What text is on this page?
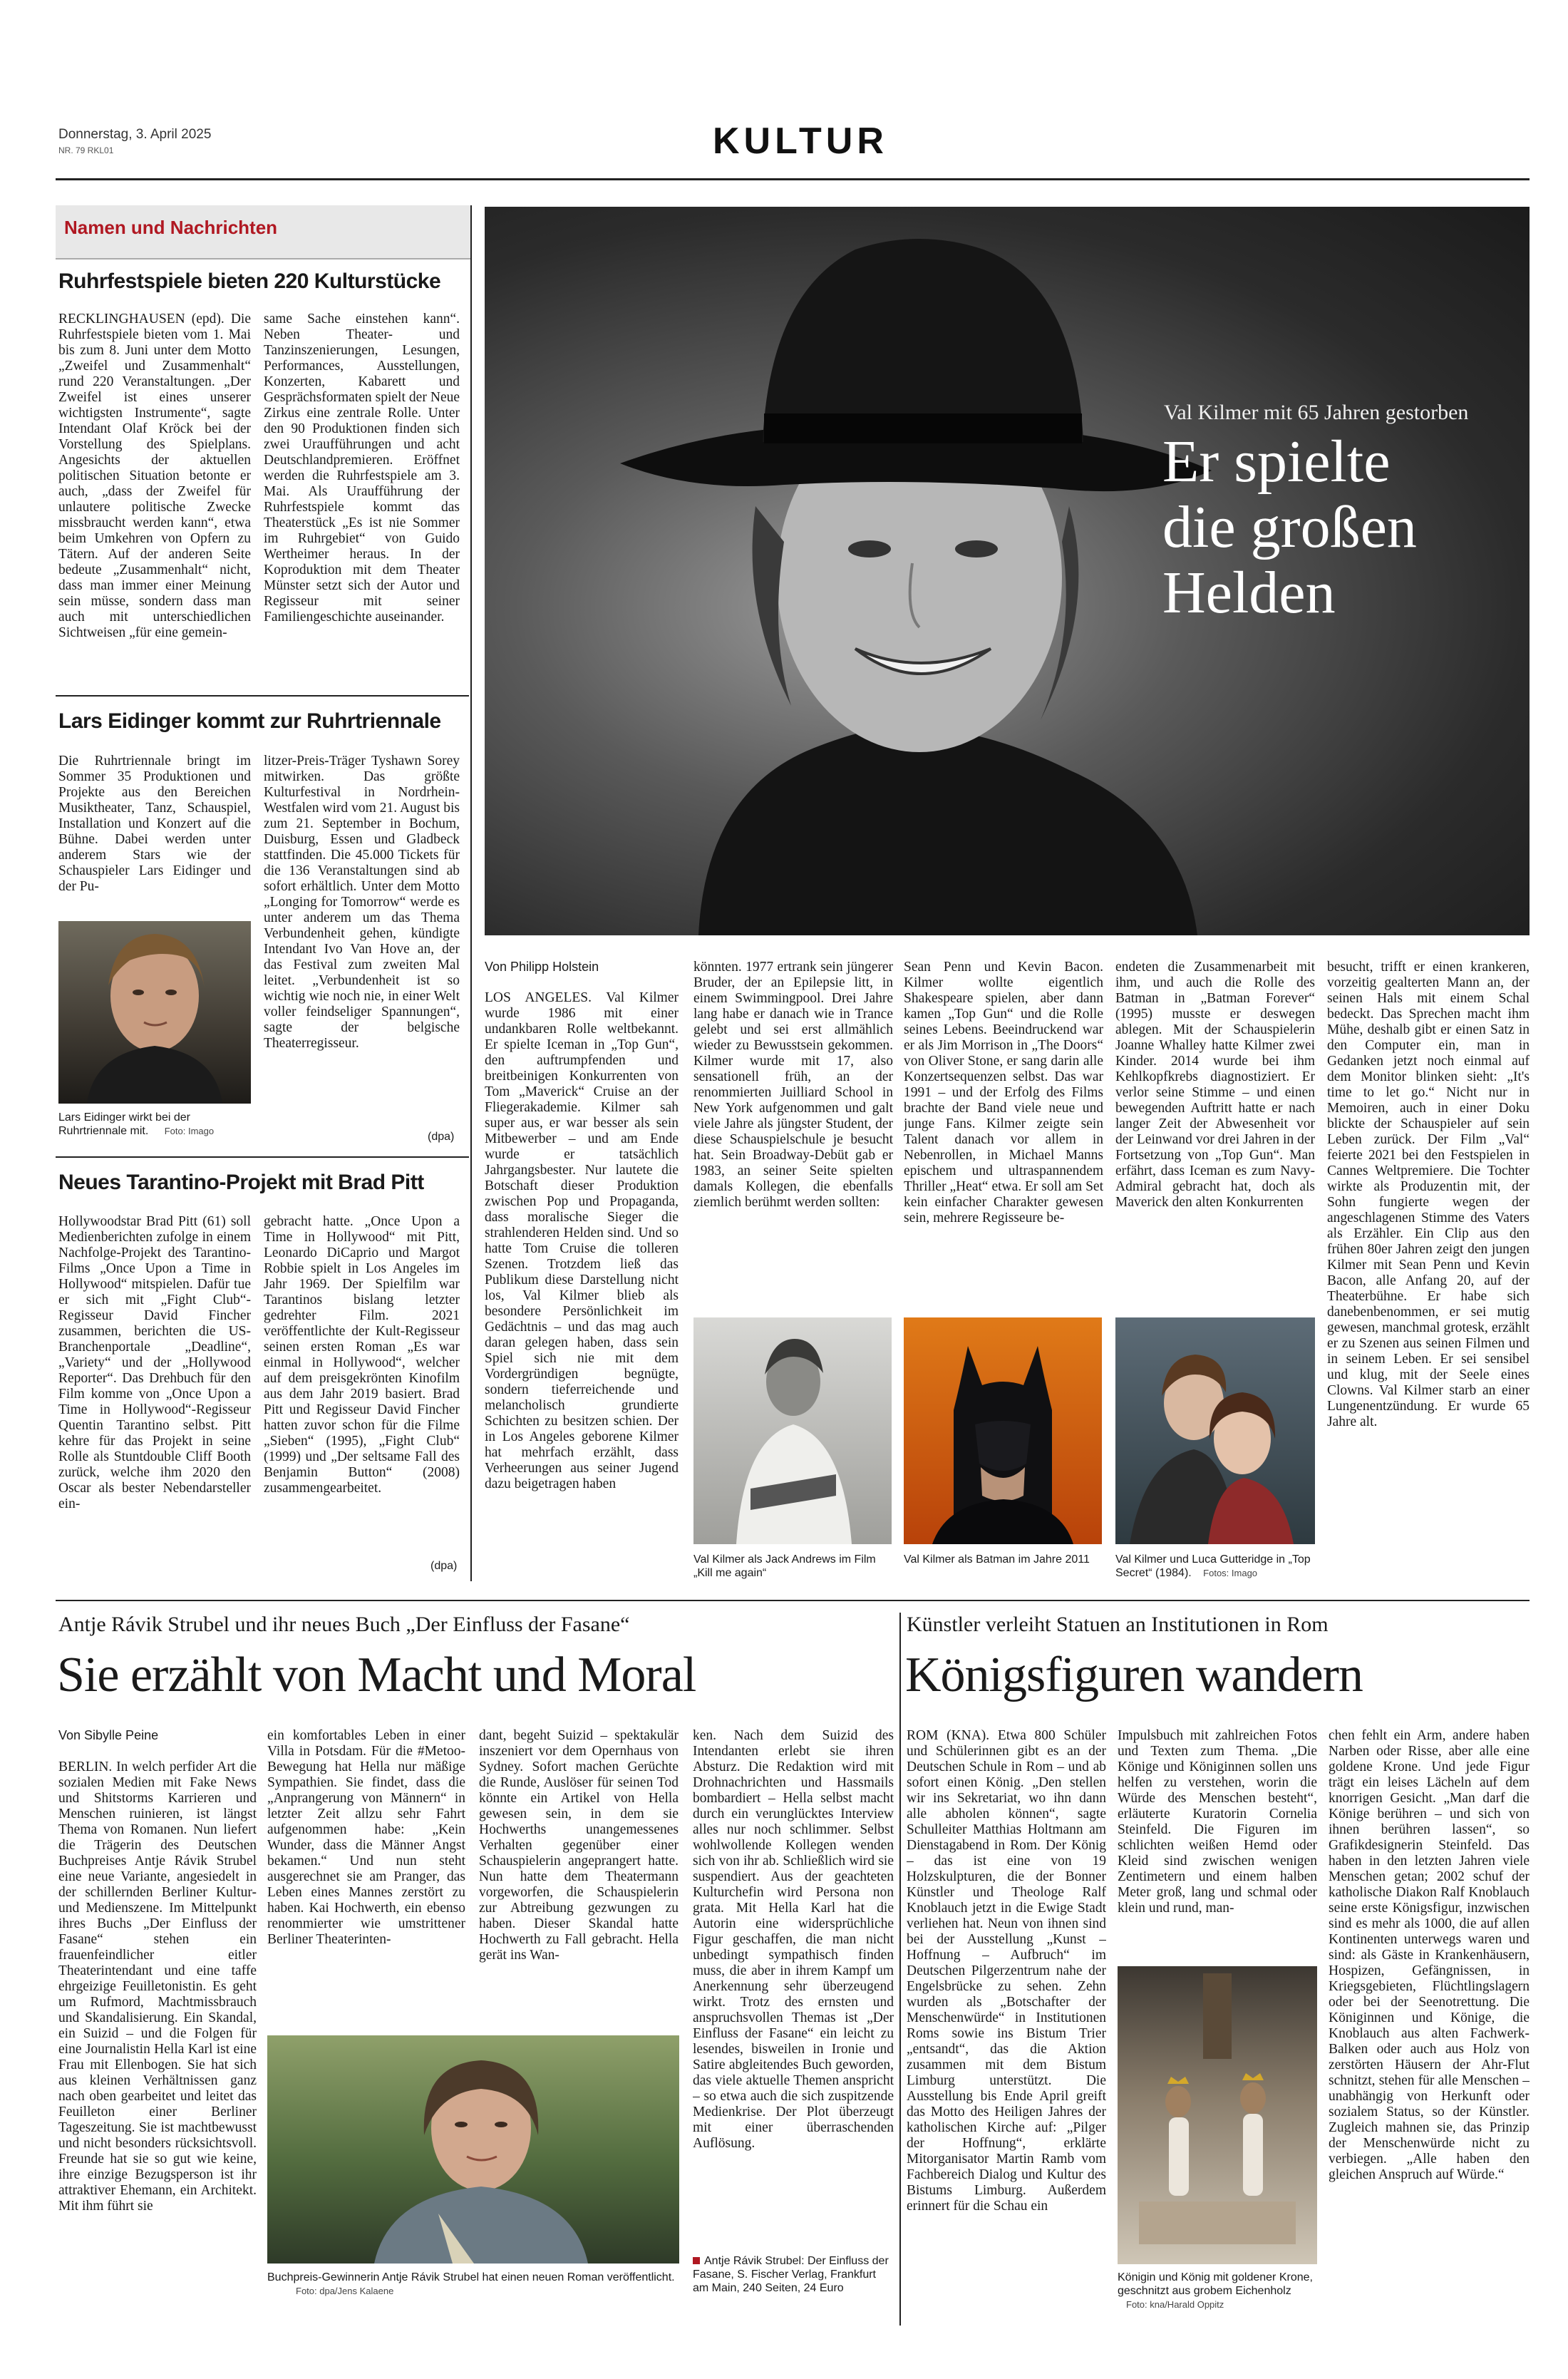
Donnerstag, 3. April 2025
NR. 79 RKL01	KULTUR
Namen und Nachrichten
Ruhrfestspiele bieten 220 Kulturstücke
RECKLINGHAUSEN (epd). Die Ruhrfestspiele bieten vom 1. Mai bis zum 8. Juni unter dem Motto „Zweifel und Zusammenhalt“ rund 220 Veranstaltungen. „Der Zweifel ist eines unserer wichtigsten Instrumente“, sagte Intendant Olaf Kröck bei der Vorstellung des Spielplans. Angesichts der aktuellen politischen Situation betonte er auch, „dass der Zweifel für unlautere politische Zwecke missbraucht werden kann“, etwa beim Umkehren von Opfern zu Tätern. Auf der anderen Seite bedeute „Zusammenhalt“ nicht, dass man immer einer Meinung sein müsse, sondern dass man auch mit unterschiedlichen Sichtweisen „für eine gemein-
same Sache einstehen kann“. Neben Theater- und Tanzinszenierungen, Lesungen, Performances, Ausstellungen, Konzerten, Kabarett und Gesprächsformaten spielt der Neue Zirkus eine zentrale Rolle. Unter den 90 Produktionen finden sich zwei Uraufführungen und acht Deutschlandpremieren. Eröffnet werden die Ruhrfestspiele am 3. Mai. Als Uraufführung der Ruhrfestspiele kommt das Theaterstück „Es ist nie Sommer im Ruhrgebiet“ von Guido Wertheimer heraus. In der Koproduktion mit dem Theater Münster setzt sich der Autor und Regisseur mit seiner Familiengeschichte auseinander.
Lars Eidinger kommt zur Ruhrtriennale
Die Ruhrtriennale bringt im Sommer 35 Produktionen und Projekte aus den Bereichen Musiktheater, Tanz, Schauspiel, Installation und Konzert auf die Bühne. Dabei werden unter anderem Stars wie der Schauspieler Lars Eidinger und der Pu-
Lars Eidinger wirkt bei der Ruhrtriennale mit. Foto: Imago
litzer-Preis-Träger Tyshawn Sorey mitwirken. Das größte Kulturfestival in Nordrhein-Westfalen wird vom 21. August bis zum 21. September in Bochum, Duisburg, Essen und Gladbeck stattfinden. Die 45.000 Tickets für die 136 Veranstaltungen sind ab sofort erhältlich. Unter dem Motto „Longing for Tomorrow“ werde es unter anderem um das Thema Verbundenheit gehen, kündigte Intendant Ivo Van Hove an, der das Festival zum zweiten Mal leitet. „Verbundenheit ist so wichtig wie noch nie, in einer Welt voller feindseliger Spannungen“, sagte der belgische Theaterregisseur.
(dpa)
Neues Tarantino-Projekt mit Brad Pitt
Hollywoodstar Brad Pitt (61) soll Medienberichten zufolge in einem Nachfolge-Projekt des Tarantino-Films „Once Upon a Time in Hollywood“ mitspielen. Dafür tue er sich mit „Fight Club“-Regisseur David Fincher zusammen, berichten die US-Branchenportale „Deadline“, „Variety“ und der „Hollywood Reporter“. Das Drehbuch für den Film komme von „Once Upon a Time in Hollywood“-Regisseur Quentin Tarantino selbst. Pitt kehre für das Projekt in seine Rolle als Stuntdouble Cliff Booth zurück, welche ihm 2020 den Oscar als bester Nebendarsteller ein-
gebracht hatte. „Once Upon a Time in Hollywood“ mit Pitt, Leonardo DiCaprio und Margot Robbie spielt in Los Angeles im Jahr 1969. Der Spielfilm war Tarantinos bislang letzter gedrehter Film. 2021 veröffentlichte der Kult-Regisseur seinen ersten Roman „Es war einmal in Hollywood“, welcher auf dem preisgekrönten Kinofilm aus dem Jahr 2019 basiert. Brad Pitt und Regisseur David Fincher hatten zuvor schon für die Filme „Sieben“ (1995), „Fight Club“ (1999) und „Der seltsame Fall des Benjamin Button“ (2008) zusammengearbeitet.
(dpa)
Val Kilmer mit 65 Jahren gestorben
Er spielte
die großen
Helden
Von Philipp Holstein
LOS ANGELES. Val Kilmer wurde 1986 mit einer undankbaren Rolle weltbekannt. Er spielte Iceman in „Top Gun“, den auftrumpfenden und breitbeinigen Konkurrenten von Tom „Maverick“ Cruise an der Fliegerakademie. Kilmer sah super aus, er war besser als sein Mitbewerber – und am Ende wurde er tatsächlich Jahrgangsbester. Nur lautete die Botschaft dieser Produktion zwischen Pop und Propaganda, dass moralische Sieger die strahlenderen Helden sind. Und so hatte Tom Cruise die tolleren Szenen. Trotzdem ließ das Publikum diese Darstellung nicht los, Val Kilmer blieb als besondere Persönlichkeit im Gedächtnis – und das mag auch daran gelegen haben, dass sein Spiel sich nie mit dem Vordergründigen begnügte, sondern tieferreichende und melancholisch grundierte Schichten zu besitzen schien. Der in Los Angeles geborene Kilmer hat mehrfach erzählt, dass Verheerungen aus seiner Jugend dazu beigetragen haben
könnten. 1977 ertrank sein jüngerer Bruder, der an Epilepsie litt, in einem Swimmingpool. Drei Jahre lang habe er danach wie in Trance gelebt und sei erst allmählich wieder zu Bewusstsein gekommen. Kilmer wurde mit 17, also sensationell früh, an der renommierten Juilliard School in New York aufgenommen und galt viele Jahre als jüngster Student, der diese Schauspielschule je besucht hat. Sein Broadway-Debüt gab er 1983, an seiner Seite spielten damals Kollegen, die ebenfalls ziemlich berühmt werden sollten:
Sean Penn und Kevin Bacon. Kilmer wollte eigentlich Shakespeare spielen, aber dann kamen „Top Gun“ und die Rolle seines Lebens. Beeindruckend war er als Jim Morrison in „The Doors“ von Oliver Stone, er sang darin alle Konzertsequenzen selbst. Das war 1991 – und der Erfolg des Films brachte der Band viele neue und junge Fans. Kilmer zeigte sein Talent danach vor allem in Nebenrollen, in Michael Manns epischem und ultraspannendem Thriller „Heat“ etwa. Er soll am Set kein einfacher Charakter gewesen sein, mehrere Regisseure be-
endeten die Zusammenarbeit mit ihm, und auch die Rolle des Batman in „Batman Forever“ (1995) musste er deswegen ablegen. Mit der Schauspielerin Joanne Whalley hatte Kilmer zwei Kinder. 2014 wurde bei ihm Kehlkopfkrebs diagnostiziert. Er verlor seine Stimme – und einen bewegenden Auftritt hatte er nach langer Zeit der Abwesenheit vor der Leinwand vor drei Jahren in der Fortsetzung von „Top Gun“. Man erfährt, dass Iceman es zum Navy-Admiral gebracht hat, doch als Maverick den alten Konkurrenten
besucht, trifft er einen krankeren, vorzeitig gealterten Mann an, der seinen Hals mit einem Schal bedeckt. Das Sprechen macht ihm Mühe, deshalb gibt er einen Satz in den Computer ein, man in Gedanken jetzt noch einmal auf dem Monitor blinken sieht: „It's time to let go.“ Nicht nur in Memoiren, auch in einer Doku blickte der Schauspieler auf sein Leben zurück. Der Film „Val“ feierte 2021 bei den Festspielen in Cannes Weltpremiere. Die Tochter wirkte als Produzentin mit, der Sohn fungierte wegen der angeschlagenen Stimme des Vaters als Erzähler. Ein Clip aus den frühen 80er Jahren zeigt den jungen Kilmer mit Sean Penn und Kevin Bacon, alle Anfang 20, auf der Theaterbühne. Er habe sich danebenbenommen, er sei mutig gewesen, manchmal grotesk, erzählt er zu Szenen aus seinen Filmen und in seinem Leben. Er sei sensibel und klug, mit der Seele eines Clowns. Val Kilmer starb an einer Lungenentzündung. Er wurde 65 Jahre alt.
Val Kilmer als Jack Andrews im Film „Kill me again“
Val Kilmer als Batman im Jahre 2011	Val Kilmer und Luca Gutteridge in „Top Secret“ (1984). Fotos: Imago
Antje Rávik Strubel und ihr neues Buch „Der Einfluss der Fasane“
Sie erzählt von Macht und Moral
Von Sibylle Peine
BERLIN. In welch perfider Art die sozialen Medien mit Fake News und Shitstorms Karrieren und Menschen ruinieren, ist längst Thema von Romanen. Nun liefert die Trägerin des Deutschen Buchpreises Antje Rávik Strubel eine neue Variante, angesiedelt in der schillernden Berliner Kultur- und Medienszene. Im Mittelpunkt ihres Buchs „Der Einfluss der Fasane“ stehen ein frauenfeindlicher eitler Theaterintendant und eine taffe ehrgeizige Feuilletonistin. Es geht um Rufmord, Machtmissbrauch und Skandalisierung. Ein Skandal, ein Suizid – und die Folgen für eine Journalistin Hella Karl ist eine Frau mit Ellenbogen. Sie hat sich aus kleinen Verhältnissen ganz nach oben gearbeitet und leitet das Feuilleton einer Berliner Tageszeitung. Sie ist machtbewusst und nicht besonders rücksichtsvoll. Freunde hat sie so gut wie keine, ihre einzige Bezugsperson ist ihr attraktiver Ehemann, ein Architekt. Mit ihm führt sie
ein komfortables Leben in einer Villa in Potsdam. Für die #Metoo-Bewegung hat Hella nur mäßige Sympathien. Sie findet, dass die „Anprangerung von Männern“ in letzter Zeit allzu sehr Fahrt aufgenommen habe: „Kein Wunder, dass die Männer Angst bekamen.“ Und nun steht ausgerechnet sie am Pranger, das Leben eines Mannes zerstört zu haben. Kai Hochwerth, ein ebenso renommierter wie umstrittener Berliner Theaterinten-
dant, begeht Suizid – spektakulär inszeniert vor dem Opernhaus von Sydney. Sofort machen Gerüchte die Runde, Auslöser für seinen Tod könnte ein Artikel von Hella gewesen sein, in dem sie Hochwerths unangemessenes Verhalten gegenüber einer Schauspielerin angeprangert hatte. Nun hatte dem Theatermann vorgeworfen, die Schauspielerin zur Abtreibung gezwungen zu haben. Dieser Skandal hatte Hochwerth zu Fall gebracht. Hella gerät ins Wan-
Buchpreis-Gewinnerin Antje Rávik Strubel hat einen neuen Roman veröffentlicht. Foto: dpa/Jens Kalaene
ken. Nach dem Suizid des Intendanten erlebt sie ihren Absturz. Die Redaktion wird mit Drohnachrichten und Hassmails bombardiert – Hella selbst macht durch ein verunglücktes Interview alles nur noch schlimmer. Selbst wohlwollende Kollegen wenden sich von ihr ab. Schließlich wird sie suspendiert. Aus der geachteten Kulturchefin wird Persona non grata. Mit Hella Karl hat die Autorin eine widersprüchliche Figur geschaffen, die man nicht unbedingt sympathisch finden muss, die aber in ihrem Kampf um Anerkennung sehr überzeugend wirkt. Trotz des ernsten und anspruchsvollen Themas ist „Der Einfluss der Fasane“ ein leicht zu lesendes, bisweilen in Ironie und Satire abgleitendes Buch geworden, das viele aktuelle Themen anspricht – so etwa auch die sich zuspitzende Medienkrise. Der Plot überzeugt mit einer überraschenden Auflösung.
Antje Rávik Strubel: Der Einfluss der Fasane, S. Fischer Verlag, Frankfurt am Main, 240 Seiten, 24 Euro
Künstler verleiht Statuen an Institutionen in Rom
Königsfiguren wandern
ROM (KNA). Etwa 800 Schüler und Schülerinnen gibt es an der Deutschen Schule in Rom – und ab sofort einen König. „Den stellen wir ins Sekretariat, wo ihn dann alle abholen können“, sagte Schulleiter Matthias Holtmann am Dienstagabend in Rom. Der König – das ist eine von 19 Holzskulpturen, die der Bonner Künstler und Theologe Ralf Knoblauch jetzt in die Ewige Stadt verliehen hat. Neun von ihnen sind bei der Ausstellung „Kunst – Hoffnung – Aufbruch“ im Deutschen Pilgerzentrum nahe der Engelsbrücke zu sehen. Zehn wurden als „Botschafter der Menschenwürde“ in Institutionen Roms sowie ins Bistum Trier „entsandt“, das die Aktion zusammen mit dem Bistum Limburg unterstützt. Die Ausstellung bis Ende April greift das Motto des Heiligen Jahres der katholischen Kirche auf: „Pilger der Hoffnung“, erklärte Mitorganisator Martin Ramb vom Fachbereich Dialog und Kultur des Bistums Limburg. Außerdem erinnert für die Schau ein
Impulsbuch mit zahlreichen Fotos und Texten zum Thema. „Die Könige und Königinnen sollen uns helfen zu verstehen, worin die Würde des Menschen besteht“, erläuterte Kuratorin Cornelia Steinfeld. Die Figuren im schlichten weißen Hemd oder Kleid sind zwischen wenigen Zentimetern und einem halben Meter groß, lang und schmal oder klein und rund, man-
Königin und König mit goldener Krone, geschnitzt aus grobem Eichenholz Foto: kna/Harald Oppitz
chen fehlt ein Arm, andere haben Narben oder Risse, aber alle eine goldene Krone. Und jede Figur trägt ein leises Lächeln auf dem knorrigen Gesicht. „Man darf die Könige berühren – und sich von ihnen berühren lassen“, so Grafikdesignerin Steinfeld. Das haben in den letzten Jahren viele Menschen getan; 2002 schuf der katholische Diakon Ralf Knoblauch seine erste Königsfigur, inzwischen sind es mehr als 1000, die auf allen Kontinenten unterwegs waren und sind: als Gäste in Krankenhäusern, Hospizen, Gefängnissen, in Kriegsgebieten, Flüchtlingslagern oder bei der Seenotrettung. Die Königinnen und Könige, die Knoblauch aus alten Fachwerk-Balken oder auch aus Holz von zerstörten Häusern der Ahr-Flut schnitzt, stehen für alle Menschen – unabhängig von Herkunft oder sozialem Status, so der Künstler. Zugleich mahnen sie, das Prinzip der Menschenwürde nicht zu verbiegen. „Alle haben den gleichen Anspruch auf Würde.“
